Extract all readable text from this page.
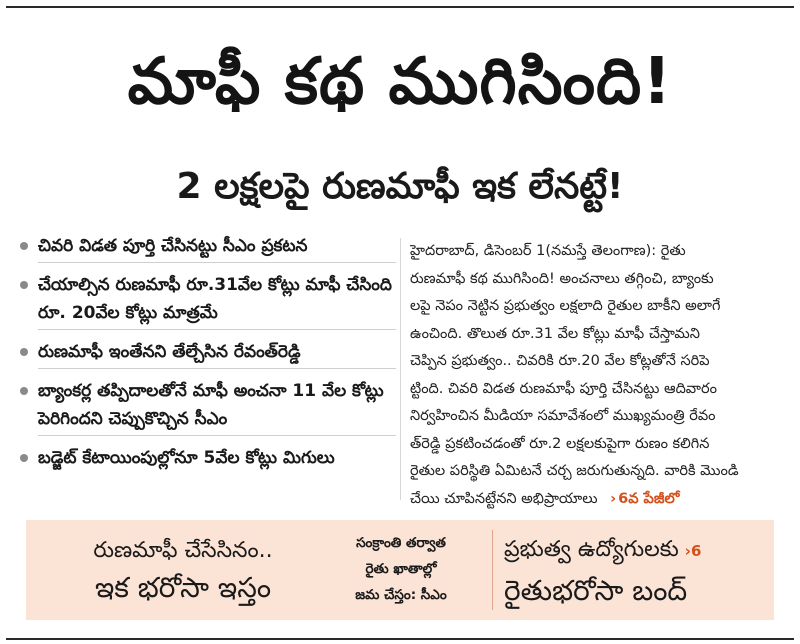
మాఫీ కథ ముగిసింది!
2 లక్షలపై రుణమాఫీ ఇక లేనట్టే!
చివరి విడత పూర్తి చేసినట్టు సీఎం ప్రకటన
చేయాల్సిన రుణమాఫీ రూ.31వేల కోట్లు మాఫీ చేసింది రూ. 20వేల కోట్లు మాత్రమే
రుణమాఫీ ఇంతేనని తేల్చేసిన రేవంత్‌రెడ్డి
బ్యాంకర్ల తప్పిదాలతోనే మాఫీ అంచనా 11 వేల కోట్లు పెరిగిందని చెప్పుకొచ్చిన సీఎం
బడ్జెట్ కేటాయింపుల్లోనూ 5వేల కోట్లు మిగులు
హైదరాబాద్, డిసెంబర్ 1(నమస్తే తెలంగాణ): రైతు
రుణమాఫీ కథ ముగిసింది! అంచనాలు తగ్గించి, బ్యాంకు
లపై నెపం నెట్టిన ప్రభుత్వం లక్షలాది రైతుల బాకీని అలాగే
ఉంచింది. తొలుత రూ.31 వేల కోట్లు మాఫీ చేస్తామని
చెప్పిన ప్రభుత్వం.. చివరికి రూ.20 వేల కోట్లతోనే సరిపె
ట్టింది. చివరి విడత రుణమాఫీ పూర్తి చేసినట్టు ఆదివారం
నిర్వహించిన మీడియా సమావేశంలో ముఖ్యమంత్రి రేవం
త్‌రెడ్డి ప్రకటించడంతో రూ.2 లక్షలకుపైగా రుణం కలిగిన
రైతుల పరిస్థితి ఏమిటనే చర్చ జరుగుతున్నది. వారికి మొండి
చేయి చూపినట్టేనని అభిప్రాయాలు › 6వ పేజీలో
రుణమాఫీ చేసేసినం..
ఇక భరోసా ఇస్తం
సంక్రాంతి తర్వాత
రైతు ఖాతాల్లో
జమ చేస్తం: సీఎం
ప్రభుత్వ ఉద్యోగులకు ›6
రైతుభరోసా బంద్
